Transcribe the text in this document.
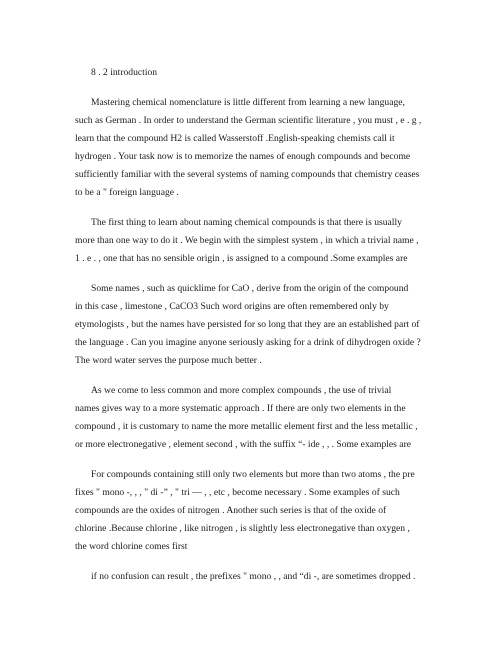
8 . 2 introduction
Mastering chemical nomenclature is little different from learning a new language,
such as German . In order to understand the German scientific literature , you must , e . g ,
learn that the compound H2 is called Wasserstoff .English-speaking chemists call it
hydrogen . Your task now is to memorize the names of enough compounds and become
sufficiently familiar with the several systems of naming compounds that chemistry ceases
to be a " foreign language .
The first thing to learn about naming chemical compounds is that there is usually
more than one way to do it . We begin with the simplest system , in which a trivial name ,
1 . e . , one that has no sensible origin , is assigned to a compound .Some examples are
Some names , such as quicklime for CaO , derive from the origin of the compound
in this case , limestone , CaCO3 Such word origins are often remembered only by
etymologists , but the names have persisted for so long that they are an established part of
the language . Can you imagine anyone seriously asking for a drink of dihydrogen oxide ?
The word water serves the purpose much better .
As we come to less common and more complex compounds , the use of trivial
names gives way to a more systematic approach . If there are only two elements in the
compound , it is customary to name the more metallic element first and the less metallic ,
or more electronegative , element second , with the suffix “- ide , , . Some examples are
For compounds containing still only two elements but more than two atoms , the pre
fixes " mono -, , , " di -” , " tri — , , etc , become necessary . Some examples of such
compounds are the oxides of nitrogen . Another such series is that of the oxide of
chlorine .Because chlorine , like nitrogen , is slightly less electronegative than oxygen ,
the word chlorine comes first
if no confusion can result , the prefixes " mono , , and “di -, are sometimes dropped .
